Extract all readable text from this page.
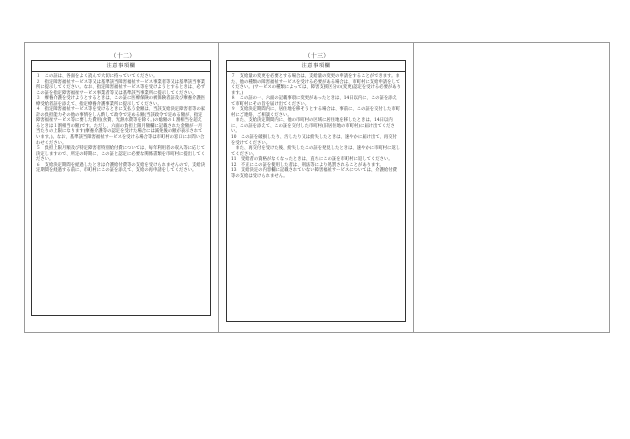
（十二）
注意事項欄

１　この証は、各面をよく読んで大切に持っていてください。

２　指定障害福祉サービス等又は基準該当障害福祉サービス事業者等又は基準該当事業所に提示してください。なお、指定障害福祉サービス等を受けようとするときは、必ずこの証を指定障害福祉サービス事業者等又は基準該当事業所に提示してください。

３　療養介護を受けようとするときは、この証に医療保険の被保険者証及び療養介護医療受給者証を添えて、指定療養介護事業所に提示してください。

４　指定障害福祉サービス等を受けるときに支払う金額は、当該支給決定障害者等の家計の負担能力その他の事情をしん酌して政令で定める額(当該政令で定める額が、指定障害福祉サービス等に要した費用(食費、光熱水費等を除く。)の総額の１割相当を超えるときは１割相当の額)です。ただし、六面の負担上限月額欄に記載された金額が一月当たりの上限になります(療養介護等の認定を受けた場合には減免後の額が表示されています。)。なお、基準該当障害福祉サービスを受ける場合等は市町村の窓口にお問い合わせください。

５　負担上限月額及び特定障害者特別給付費については、毎年利用者の収入等に応じて決定しますので、所定の時期に、この証と認定に必要な関係書類を市町村に提出してください。

６　支給決定期間を経過したときは介護給付費等の支給を受けられませんので、支給決定期間を経過する前に、市町村にこの証を添えて、支給の再申請をしてください。

（十三）
注意事項欄

７　支給量の変更を必要とする場合は、支給量の変更の申請をすることができます。また、他の種類の障害福祉サービスを受ける必要がある場合は、市町村に支給申請をしてください。(サービスの種類によっては、障害支援区分の(変更)認定を受ける必要があります。)

８　この証の一、六面の記載事項に変更があったときは、14日以内に、この証を添えて市町村にその旨を届け出てください。

９　支給決定期間内に、居住地を移そうとする場合は、事前に、この証を交付した市町村にご連絡、ご相談ください。

　また、支給決定期間内に、他の市町村の区域に居住地を移したときは、14日以内に、この証を添えて、この証を交付した市町村(旧居住地の市町村)に届け出てください。

10　この証を破損したり、汚したり又は紛失したときは、速やかに届け出て、再交付を受けてください。

　また、再交付を受けた後、紛失したこの証を発見したときは、速やかに市町村に返してください。

11　受給者の資格がなくなったときは、直ちにこの証を市町村に返してください。

12　不正にこの証を使用した者は、刑法等により処罰されることがあります。

13　支給決定の内容欄に記載されていない障害福祉サービスについては、介護給付費等の支給は受けられません。
